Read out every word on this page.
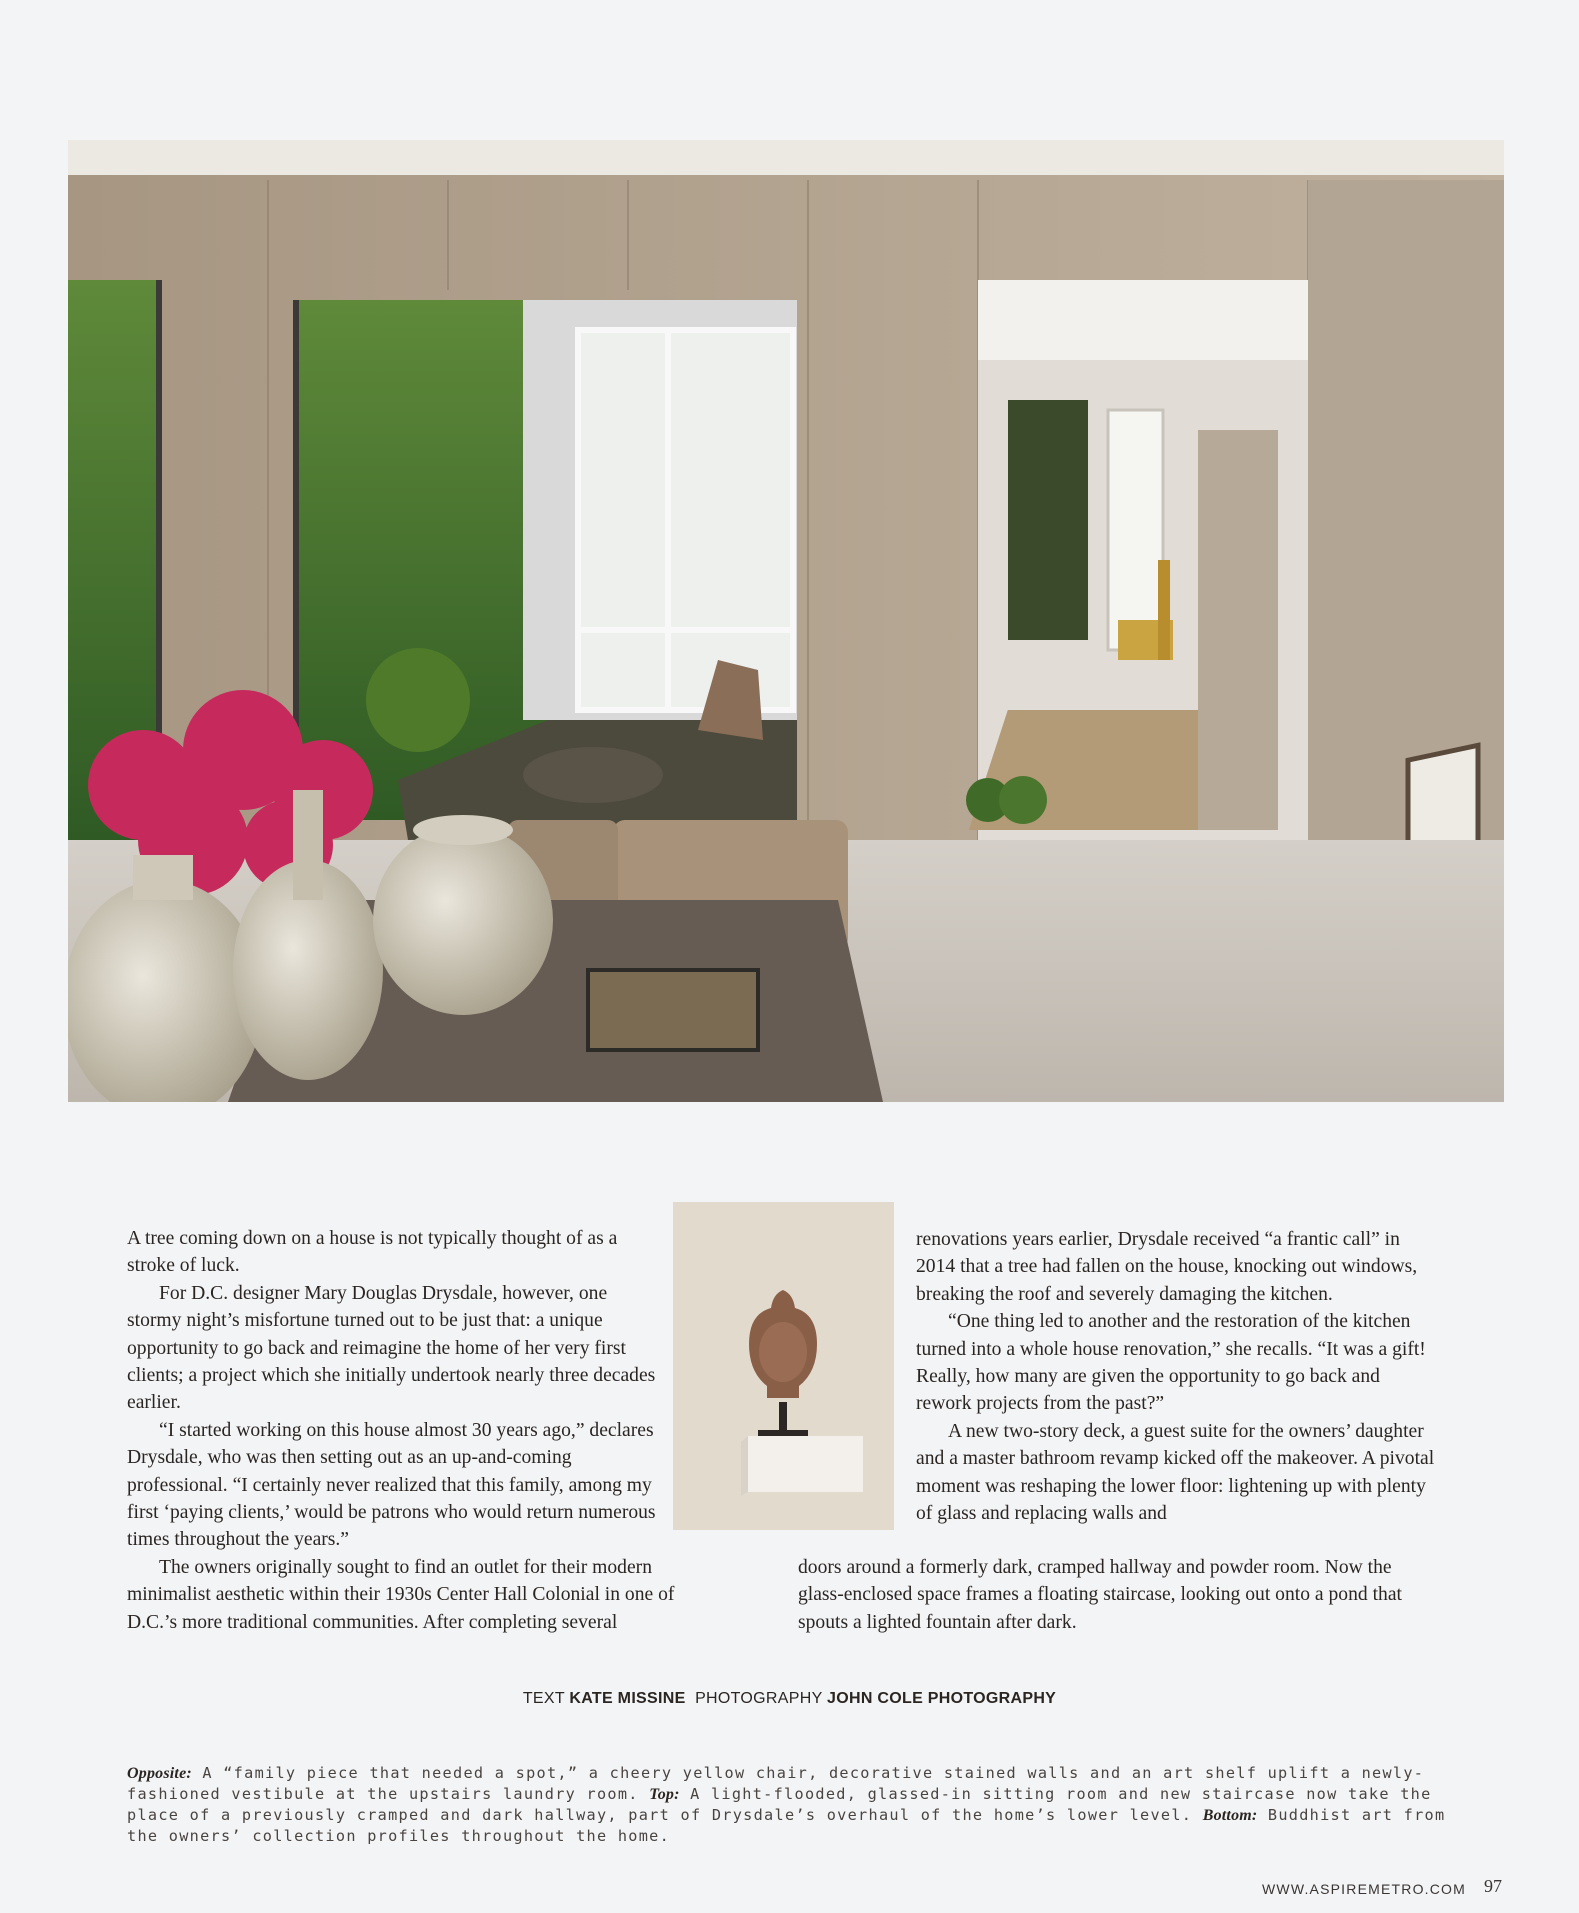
A tree coming down on a house is not typically thought of as a stroke of luck.

For D.C. designer Mary Douglas Drysdale, however, one stormy night’s misfortune turned out to be just that: a unique opportunity to go back and reimagine the home of her very first clients; a project which she initially undertook nearly three decades earlier.

“I started working on this house almost 30 years ago,” declares Drysdale, who was then setting out as an up-and-coming professional. “I certainly never realized that this family, among my first ‘paying clients,’ would be patrons who would return numerous times throughout the years.”

The owners originally sought to find an outlet for their modern minimalist aesthetic within their 1930s Center Hall Colonial in one of D.C.’s more traditional communities. After completing several

renovations years earlier, Drysdale received “a frantic call” in 2014 that a tree had fallen on the house, knocking out windows, breaking the roof and severely damaging the kitchen.

“One thing led to another and the restoration of the kitchen turned into a whole house renovation,” she recalls. “It was a gift! Really, how many are given the opportunity to go back and rework projects from the past?”

A new two-story deck, a guest suite for the owners’ daughter and a master bathroom revamp kicked off the makeover. A pivotal moment was reshaping the lower floor: lightening up with plenty of glass and replacing walls and

doors around a formerly dark, cramped hallway and powder room. Now the glass-enclosed space frames a floating staircase, looking out onto a pond that spouts a lighted fountain after dark.

TEXT KATE MISSINE PHOTOGRAPHY JOHN COLE PHOTOGRAPHY
Opposite: A “family piece that needed a spot,” a cheery yellow chair, decorative stained walls and an art shelf uplift a newly-fashioned vestibule at the upstairs laundry room. Top: A light-flooded, glassed-in sitting room and new staircase now take the place of a previously cramped and dark hallway, part of Drysdale’s overhaul of the home’s lower level. Bottom: Buddhist art from the owners’ collection profiles throughout the home.
WWW.ASPIREMETRO.COM 97
